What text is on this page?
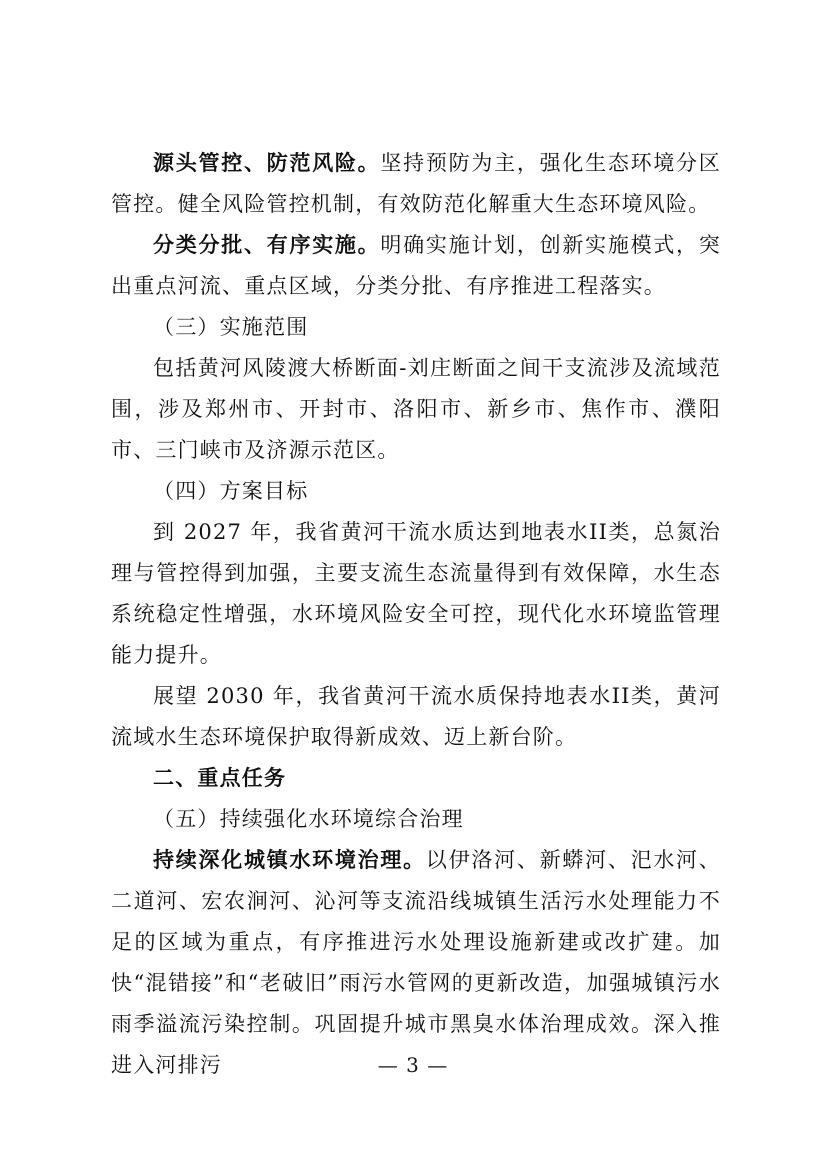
源头管控、防范风险。坚持预防为主，强化生态环境分区管控。健全风险管控机制，有效防范化解重大生态环境风险。

分类分批、有序实施。明确实施计划，创新实施模式，突出重点河流、重点区域，分类分批、有序推进工程落实。

（三）实施范围

包括黄河风陵渡大桥断面-刘庄断面之间干支流涉及流域范围，涉及郑州市、开封市、洛阳市、新乡市、焦作市、濮阳市、三门峡市及济源示范区。

（四）方案目标

到 2027 年，我省黄河干流水质达到地表水II类，总氮治理与管控得到加强，主要支流生态流量得到有效保障，水生态系统稳定性增强，水环境风险安全可控，现代化水环境监管理能力提升。

展望 2030 年，我省黄河干流水质保持地表水II类，黄河流域水生态环境保护取得新成效、迈上新台阶。

二、重点任务

（五）持续强化水环境综合治理

持续深化城镇水环境治理。以伊洛河、新蟒河、汜水河、二道河、宏农涧河、沁河等支流沿线城镇生活污水处理能力不足的区域为重点，有序推进污水处理设施新建或改扩建。加快“混错接”和“老破旧”雨污水管网的更新改造，加强城镇污水雨季溢流污染控制。巩固提升城市黑臭水体治理成效。深入推进入河排污	— 3 —
